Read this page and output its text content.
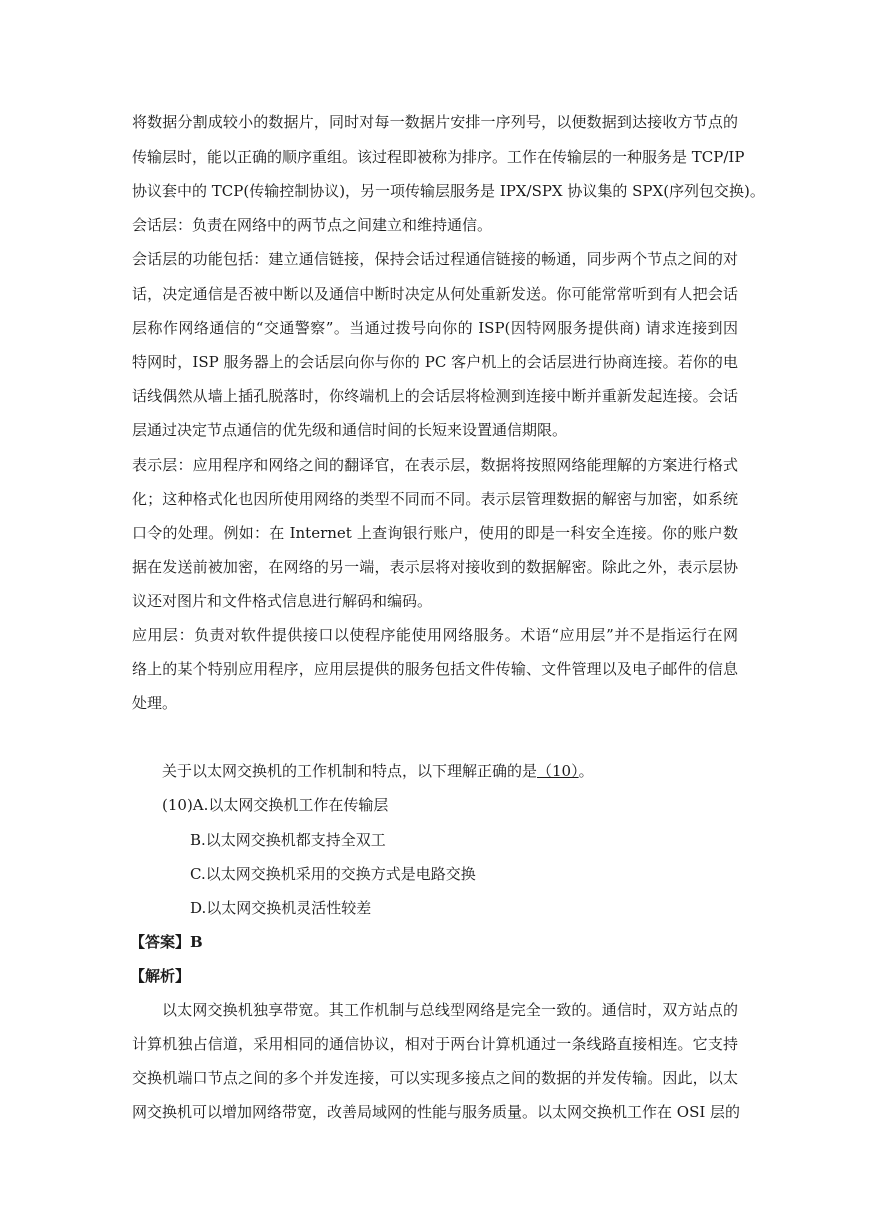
将数据分割成较小的数据片，同时对每一数据片安排一序列号，以便数据到达接收方节点的
传输层时，能以正确的顺序重组。该过程即被称为排序。工作在传输层的一种服务是 TCP/IP
协议套中的 TCP(传输控制协议)，另一项传输层服务是 IPX/SPX 协议集的 SPX(序列包交换)。
会话层：负责在网络中的两节点之间建立和维持通信。
会话层的功能包括：建立通信链接，保持会话过程通信链接的畅通，同步两个节点之间的对
话，决定通信是否被中断以及通信中断时决定从何处重新发送。你可能常常听到有人把会话
层称作网络通信的“交通警察”。当通过拨号向你的 ISP(因特网服务提供商) 请求连接到因
特网时，ISP 服务器上的会话层向你与你的 PC 客户机上的会话层进行协商连接。若你的电
话线偶然从墙上插孔脱落时，你终端机上的会话层将检测到连接中断并重新发起连接。会话
层通过决定节点通信的优先级和通信时间的长短来设置通信期限。
表示层：应用程序和网络之间的翻译官，在表示层，数据将按照网络能理解的方案进行格式
化；这种格式化也因所使用网络的类型不同而不同。表示层管理数据的解密与加密，如系统
口令的处理。例如：在 Internet 上查询银行账户，使用的即是一科安全连接。你的账户数
据在发送前被加密，在网络的另一端，表示层将对接收到的数据解密。除此之外，表示层协
议还对图片和文件格式信息进行解码和编码。
应用层：负责对软件提供接口以使程序能使用网络服务。术语“应用层”并不是指运行在网
络上的某个特别应用程序，应用层提供的服务包括文件传输、文件管理以及电子邮件的信息
处理。
关于以太网交换机的工作机制和特点，以下理解正确的是（10）。
(10)A.以太网交换机工作在传输层
B.以太网交换机都支持全双工
C.以太网交换机采用的交换方式是电路交换
D.以太网交换机灵活性较差
【答案】B
【解析】
以太网交换机独享带宽。其工作机制与总线型网络是完全一致的。通信时，双方站点的
计算机独占信道，采用相同的通信协议，相对于两台计算机通过一条线路直接相连。它支持
交换机端口节点之间的多个并发连接，可以实现多接点之间的数据的并发传输。因此，以太
网交换机可以增加网络带宽，改善局域网的性能与服务质量。以太网交换机工作在 OSI 层的
